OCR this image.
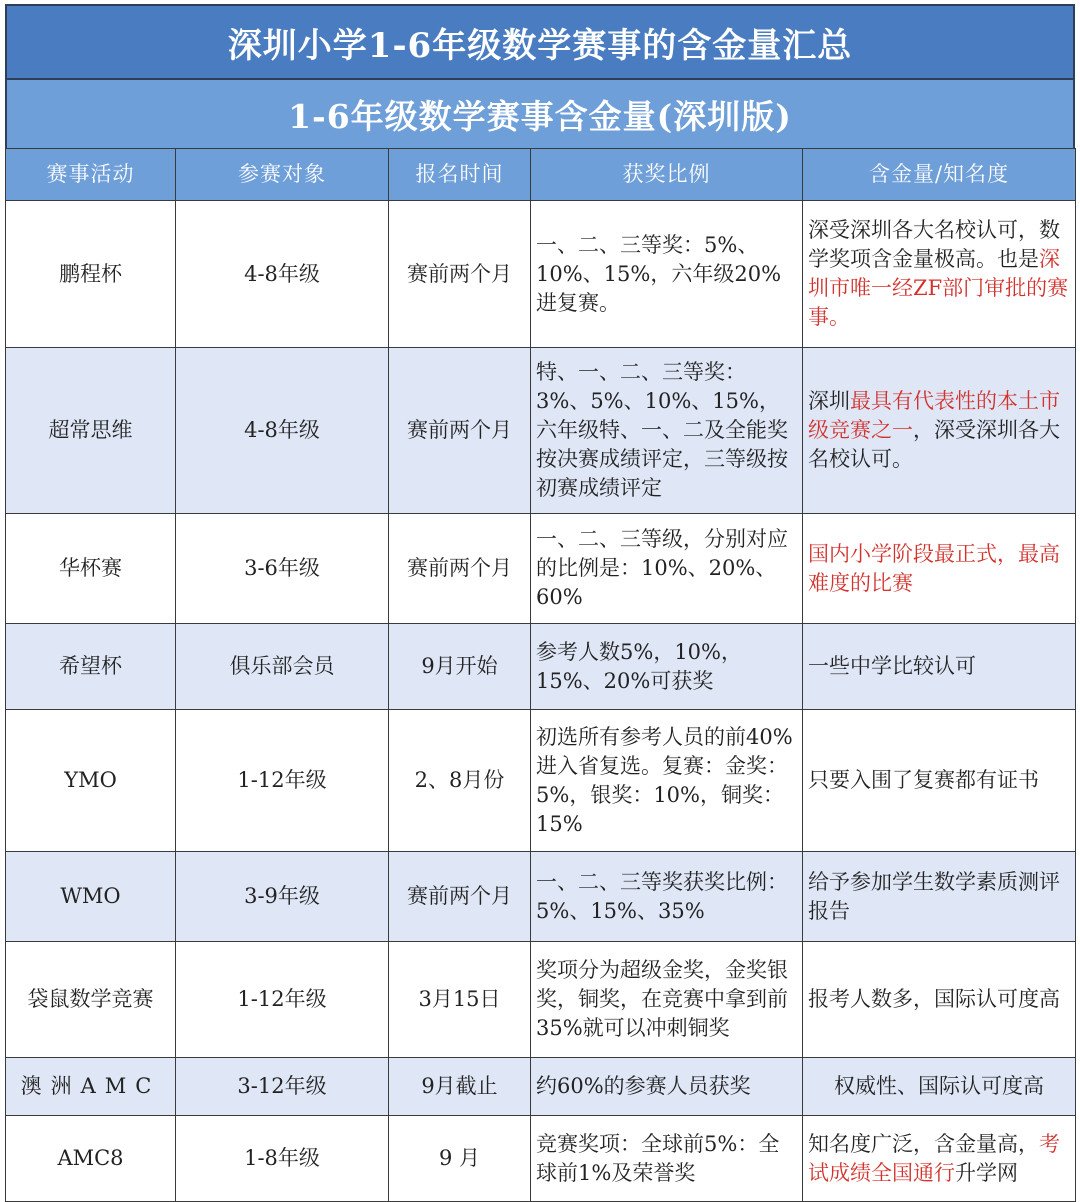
深圳小学1-6年级数学赛事的含金量汇总
1-6年级数学赛事含金量(深圳版)
赛事活动	参赛对象	报名时间	获奖比例	含金量/知名度
鹏程杯	4-8年级	赛前两个月	一、二、三等奖：5%、10%、15%，六年级20%进复赛。	深受深圳各大名校认可，数学奖项含金量极高。也是深圳市唯一经ZF部门审批的赛事。
超常思维	4-8年级	赛前两个月	特、一、二、三等奖：3%、5%、10%、15%，六年级特、一、二及全能奖按决赛成绩评定，三等级按初赛成绩评定	深圳最具有代表性的本土市级竞赛之一，深受深圳各大名校认可。
华杯赛	3-6年级	赛前两个月	一、二、三等级，分别对应的比例是：10%、20%、60%	国内小学阶段最正式，最高难度的比赛
希望杯	俱乐部会员	9月开始	参考人数5%，10%，15%、20%可获奖	一些中学比较认可
YMO	1-12年级	2、8月份	初选所有参考人员的前40%进入省复选。复赛：金奖：5%，银奖：10%，铜奖：15%	只要入围了复赛都有证书
WMO	3-9年级	赛前两个月	一、二、三等奖获奖比例：5%、15%、35%	给予参加学生数学素质测评报告
袋鼠数学竞赛	1-12年级	3月15日	奖项分为超级金奖，金奖银奖，铜奖，在竞赛中拿到前35%就可以冲刺铜奖	报考人数多，国际认可度高
澳洲AMC	3-12年级	9月截止	约60%的参赛人员获奖	权威性、国际认可度高
AMC8	1-8年级	9 月	竞赛奖项：全球前5%：全球前1%及荣誉奖	知名度广泛，含金量高，考试成绩全国通行升学网
